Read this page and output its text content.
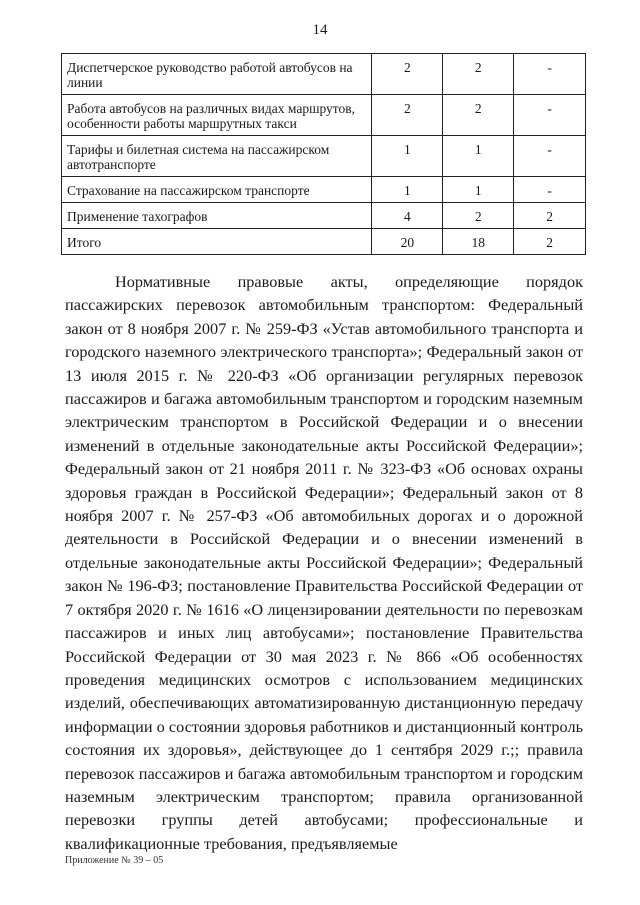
14
Диспетчерское руководство работой автобусов на линии	2	2	-
Работа автобусов на различных видах маршрутов, особенности работы маршрутных такси	2	2	-
Тарифы и билетная система на пассажирском автотранспорте	1	1	-
Страхование на пассажирском транспорте	1	1	-
Применение тахографов	4	2	2
Итого	20	18	2

Нормативные правовые акты, определяющие порядок пассажирских перевозок автомобильным транспортом: Федеральный закон от 8 ноября 2007 г. № 259-ФЗ «Устав автомобильного транспорта и городского наземного электрического транспорта»; Федеральный закон от 13 июля 2015 г. № 220-ФЗ «Об организации регулярных перевозок пассажиров и багажа автомобильным транспортом и городским наземным электрическим транспортом в Российской Федерации и о внесении изменений в отдельные законодательные акты Российской Федерации»; Федеральный закон от 21 ноября 2011 г. № 323-ФЗ «Об основах охраны здоровья граждан в Российской Федерации»; Федеральный закон от 8 ноября 2007 г. № 257-ФЗ «Об автомобильных дорогах и о дорожной деятельности в Российской Федерации и о внесении изменений в отдельные законодательные акты Российской Федерации»; Федеральный закон № 196-ФЗ; постановление Правительства Российской Федерации от 7 октября 2020 г. № 1616 «О лицензировании деятельности по перевозкам пассажиров и иных лиц автобусами»; постановление Правительства Российской Федерации от 30 мая 2023 г. № 866 «Об особенностях проведения медицинских осмотров с использованием медицинских изделий, обеспечивающих автоматизированную дистанционную передачу информации о состоянии здоровья работников и дистанционный контроль состояния их здоровья», действующее до 1 сентября 2029 г.;; правила перевозок пассажиров и багажа автомобильным транспортом и городским наземным электрическим транспортом; правила организованной перевозки группы детей автобусами; профессиональные и квалификационные требования, предъявляемые

Приложение № 39 – 05
